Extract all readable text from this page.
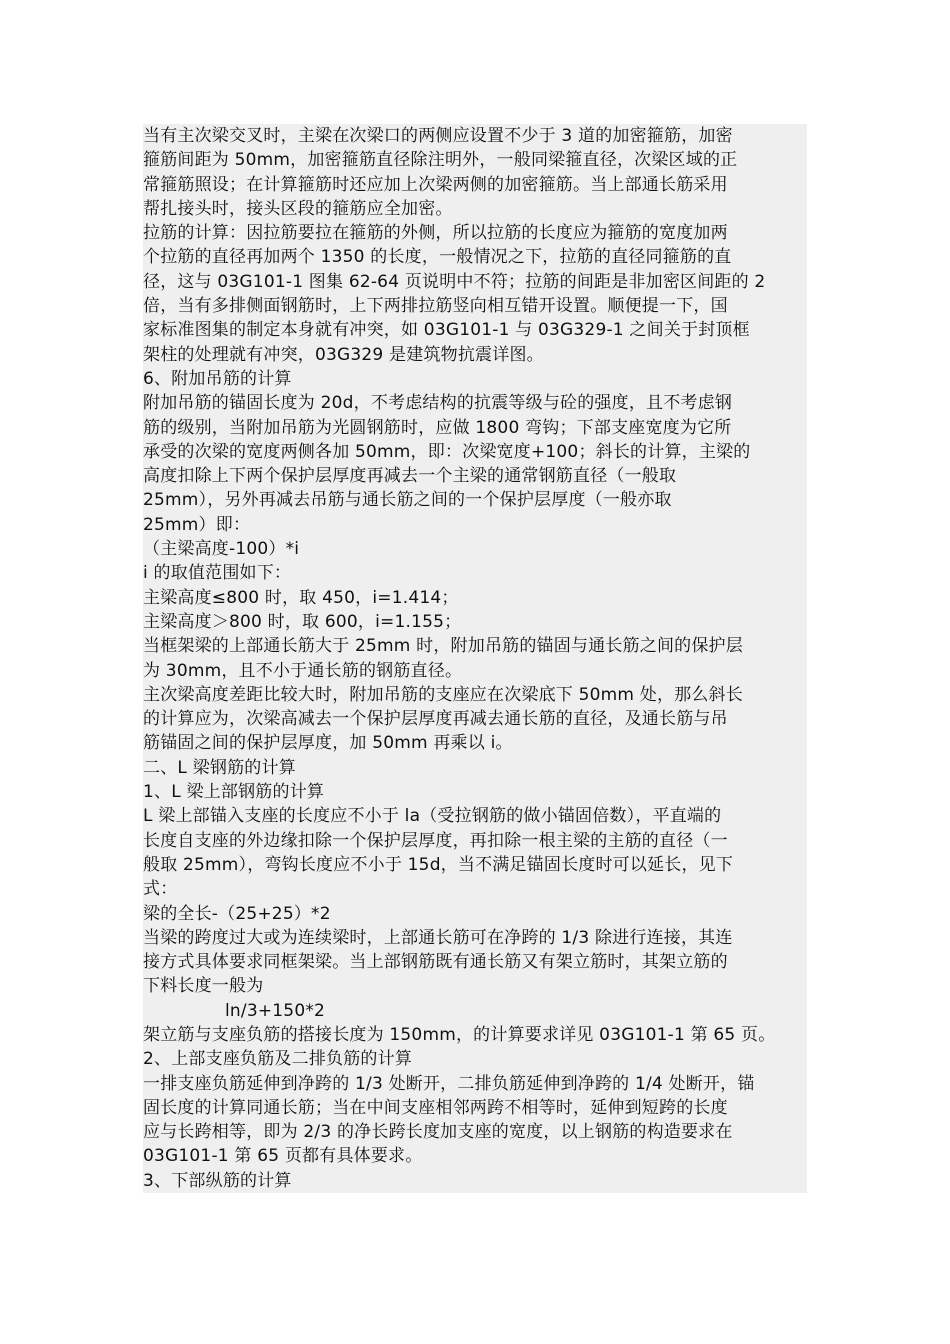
当有主次梁交叉时，主梁在次梁口的两侧应设置不少于 3 道的加密箍筋，加密
箍筋间距为 50mm，加密箍筋直径除注明外，一般同梁箍直径，次梁区域的正
常箍筋照设；在计算箍筋时还应加上次梁两侧的加密箍筋。当上部通长筋采用
帮扎接头时，接头区段的箍筋应全加密。
拉筋的计算：因拉筋要拉在箍筋的外侧，所以拉筋的长度应为箍筋的宽度加两
个拉筋的直径再加两个 1350 的长度，一般情况之下，拉筋的直径同箍筋的直
径，这与 03G101-1 图集 62-64 页说明中不符；拉筋的间距是非加密区间距的 2
倍，当有多排侧面钢筋时，上下两排拉筋竖向相互错开设置。顺便提一下，国
家标准图集的制定本身就有冲突，如 03G101-1 与 03G329-1 之间关于封顶框
架柱的处理就有冲突，03G329 是建筑物抗震详图。
6、附加吊筋的计算
附加吊筋的锚固长度为 20d，不考虑结构的抗震等级与砼的强度，且不考虑钢
筋的级别，当附加吊筋为光圆钢筋时，应做 1800 弯钩；下部支座宽度为它所
承受的次梁的宽度两侧各加 50mm，即：次梁宽度+100；斜长的计算，主梁的
高度扣除上下两个保护层厚度再减去一个主梁的通常钢筋直径（一般取
25mm），另外再减去吊筋与通长筋之间的一个保护层厚度（一般亦取
25mm）即：
（主梁高度-100）*i
i 的取值范围如下：
主梁高度≤800 时，取 450，i=1.414；
主梁高度＞800 时，取 600，i=1.155；
当框架梁的上部通长筋大于 25mm 时，附加吊筋的锚固与通长筋之间的保护层
为 30mm，且不小于通长筋的钢筋直径。
主次梁高度差距比较大时，附加吊筋的支座应在次梁底下 50mm 处，那么斜长
的计算应为，次梁高减去一个保护层厚度再减去通长筋的直径，及通长筋与吊
筋锚固之间的保护层厚度，加 50mm 再乘以 i。
二、L 梁钢筋的计算
1、L 梁上部钢筋的计算
L 梁上部锚入支座的长度应不小于 la（受拉钢筋的做小锚固倍数），平直端的
长度自支座的外边缘扣除一个保护层厚度，再扣除一根主梁的主筋的直径（一
般取 25mm），弯钩长度应不小于 15d，当不满足锚固长度时可以延长，见下
式：
梁的全长-（25+25）*2
当梁的跨度过大或为连续梁时，上部通长筋可在净跨的 1/3 除进行连接，其连
接方式具体要求同框架梁。当上部钢筋既有通长筋又有架立筋时，其架立筋的
下料长度一般为
ln/3+150*2
架立筋与支座负筋的搭接长度为 150mm，的计算要求详见 03G101-1 第 65 页。
2、上部支座负筋及二排负筋的计算
一排支座负筋延伸到净跨的 1/3 处断开，二排负筋延伸到净跨的 1/4 处断开，锚
固长度的计算同通长筋；当在中间支座相邻两跨不相等时，延伸到短跨的长度
应与长跨相等，即为 2/3 的净长跨长度加支座的宽度，以上钢筋的构造要求在
03G101-1 第 65 页都有具体要求。
3、下部纵筋的计算
